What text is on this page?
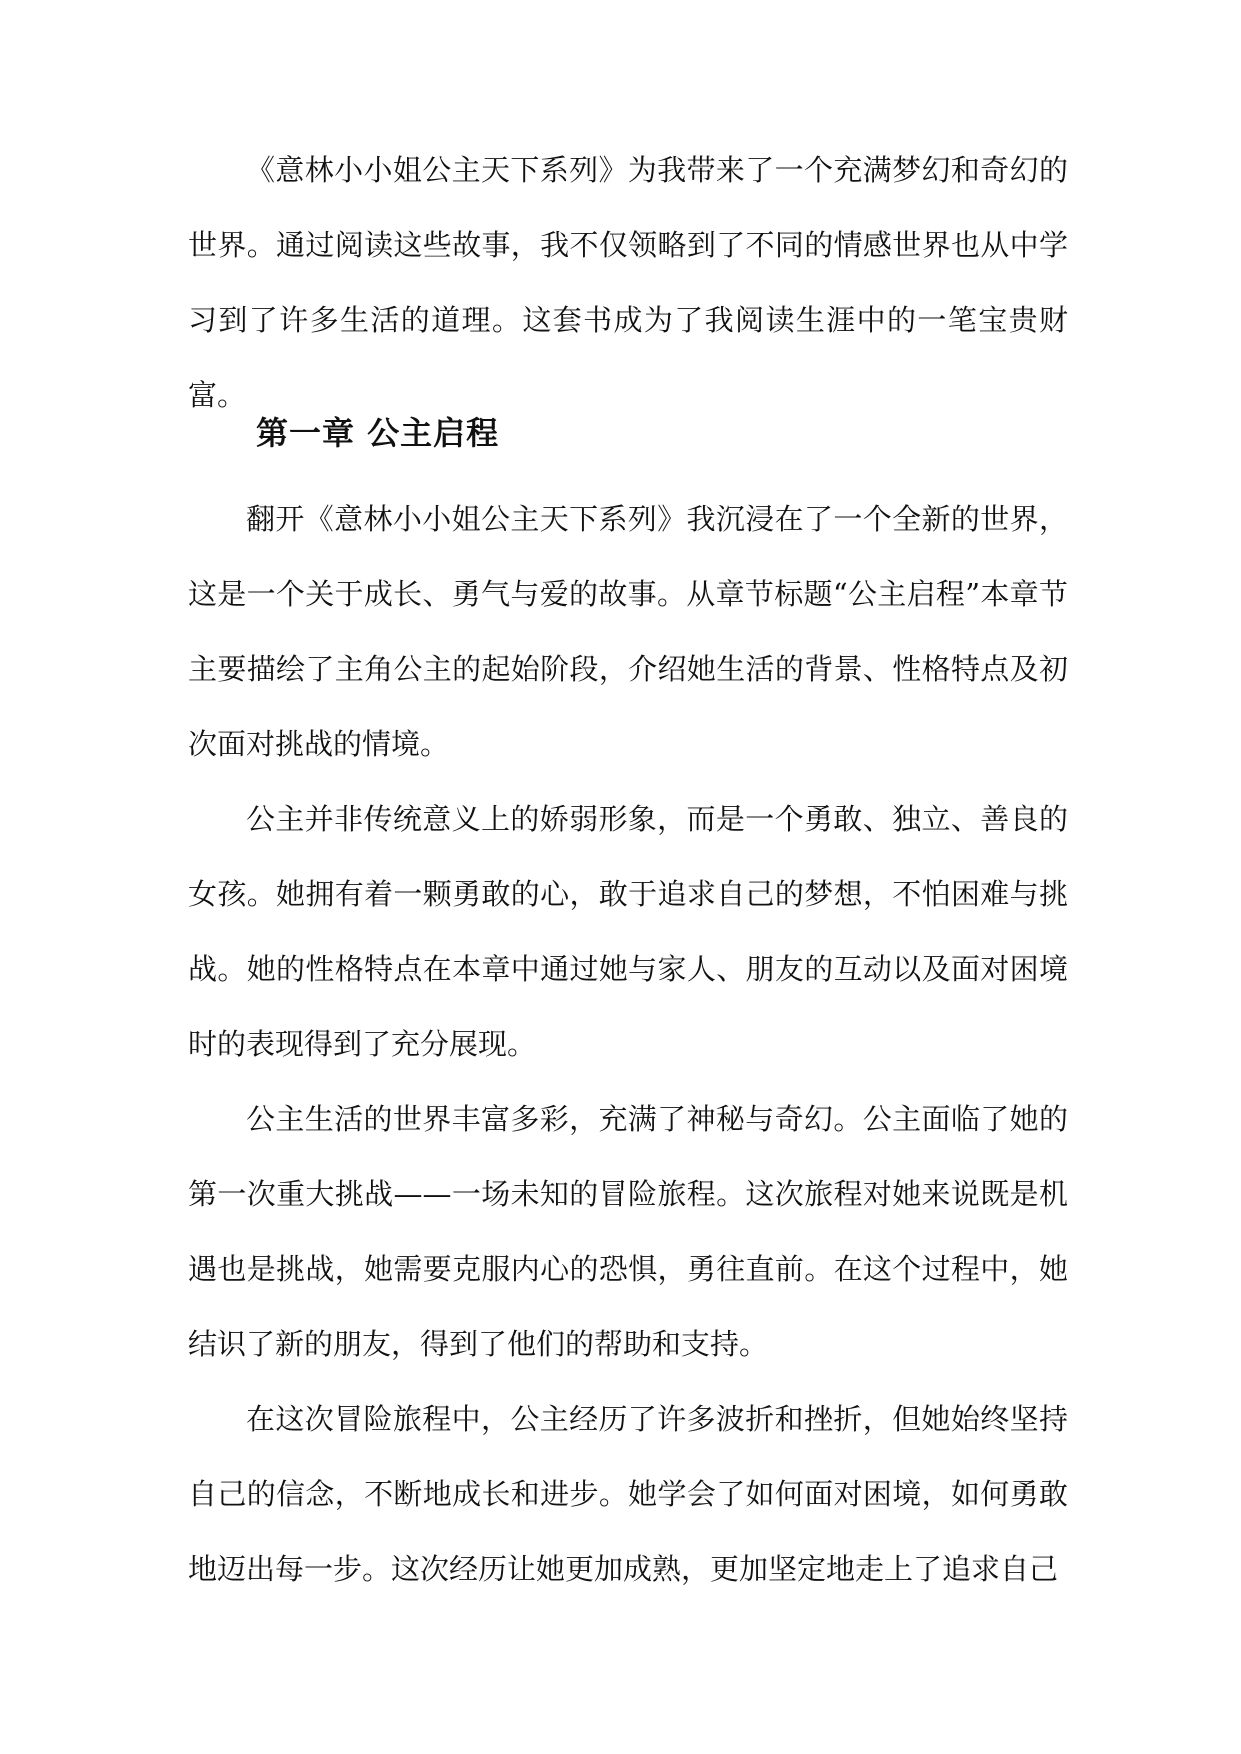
《意林小小姐公主天下系列》为我带来了一个充满梦幻和奇幻的世界。通过阅读这些故事，我不仅领略到了不同的情感世界也从中学习到了许多生活的道理。这套书成为了我阅读生涯中的一笔宝贵财富。

第一章 公主启程

翻开《意林小小姐公主天下系列》我沉浸在了一个全新的世界，这是一个关于成长、勇气与爱的故事。从章节标题“公主启程”本章节主要描绘了主角公主的起始阶段，介绍她生活的背景、性格特点及初次面对挑战的情境。

公主并非传统意义上的娇弱形象，而是一个勇敢、独立、善良的女孩。她拥有着一颗勇敢的心，敢于追求自己的梦想，不怕困难与挑战。她的性格特点在本章中通过她与家人、朋友的互动以及面对困境时的表现得到了充分展现。

公主生活的世界丰富多彩，充满了神秘与奇幻。公主面临了她的第一次重大挑战——一场未知的冒险旅程。这次旅程对她来说既是机遇也是挑战，她需要克服内心的恐惧，勇往直前。在这个过程中，她结识了新的朋友，得到了他们的帮助和支持。

在这次冒险旅程中，公主经历了许多波折和挫折，但她始终坚持自己的信念，不断地成长和进步。她学会了如何面对困境，如何勇敢地迈出每一步。这次经历让她更加成熟，更加坚定地走上了追求自己
